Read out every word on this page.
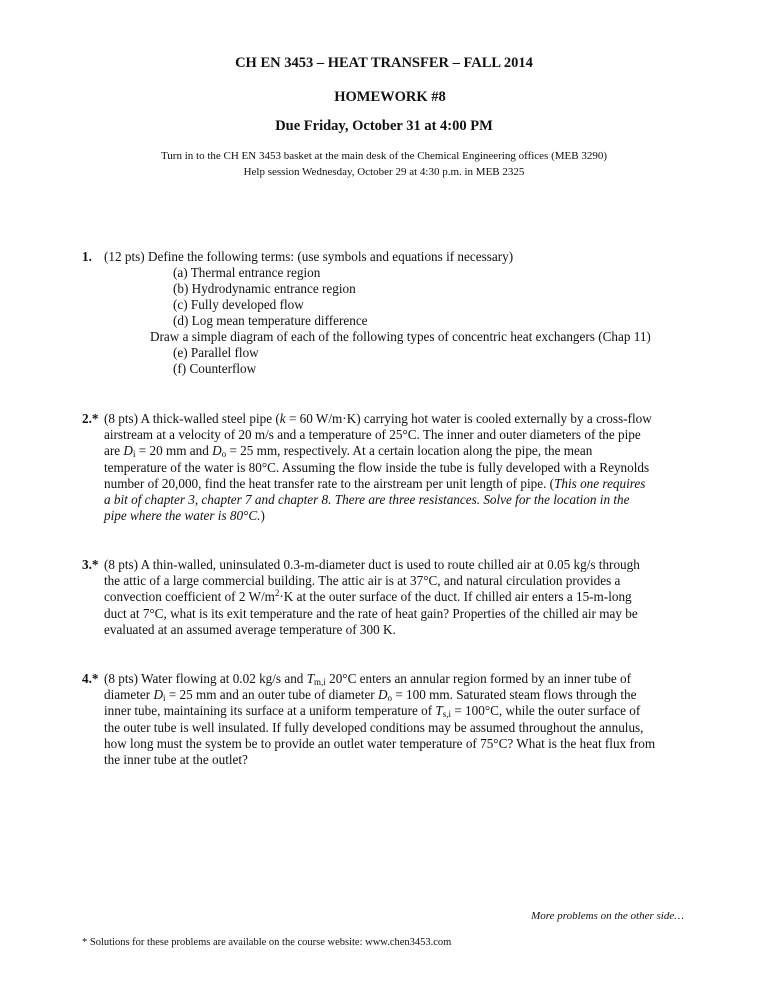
CH EN 3453 – HEAT TRANSFER – FALL 2014
HOMEWORK #8
Due Friday, October 31 at 4:00 PM
Turn in to the CH EN 3453 basket at the main desk of the Chemical Engineering offices (MEB 3290)
Help session Wednesday, October 29 at 4:30 p.m. in MEB 2325
1. (12 pts) Define the following terms: (use symbols and equations if necessary)
(a) Thermal entrance region
(b) Hydrodynamic entrance region
(c) Fully developed flow
(d) Log mean temperature difference
Draw a simple diagram of each of the following types of concentric heat exchangers (Chap 11)
(e) Parallel flow
(f) Counterflow
2.* (8 pts) A thick-walled steel pipe (k = 60 W/m·K) carrying hot water is cooled externally by a cross-flow
airstream at a velocity of 20 m/s and a temperature of 25°C. The inner and outer diameters of the pipe
are $D_i = 20$ mm and $D_o = 25$ mm, respectively. At a certain location along the pipe, the mean
temperature of the water is 80°C. Assuming the flow inside the tube is fully developed with a Reynolds
number of 20,000, find the heat transfer rate to the airstream per unit length of pipe. (This one requires
a bit of chapter 3, chapter 7 and chapter 8. There are three resistances. Solve for the location in the
pipe where the water is 80°C.)
3.* (8 pts) A thin-walled, uninsulated 0.3-m-diameter duct is used to route chilled air at 0.05 kg/s through
the attic of a large commercial building. The attic air is at 37°C, and natural circulation provides a
convection coefficient of 2 $W/m^2\cdot K$ at the outer surface of the duct. If chilled air enters a 15-m-long
duct at 7°C, what is its exit temperature and the rate of heat gain? Properties of the chilled air may be
evaluated at an assumed average temperature of 300 K.
4.* (8 pts) Water flowing at 0.02 kg/s and $T_{m,i}$ 20°C enters an annular region formed by an inner tube of
diameter $D_i = 25$ mm and an outer tube of diameter $D_o = 100$ mm. Saturated steam flows through the
inner tube, maintaining its surface at a uniform temperature of $T_{s,i} = 100^\circ C$, while the outer surface of
the outer tube is well insulated. If fully developed conditions may be assumed throughout the annulus,
how long must the system be to provide an outlet water temperature of 75°C? What is the heat flux from
the inner tube at the outlet?
More problems on the other side…
* Solutions for these problems are available on the course website: www.chen3453.com
